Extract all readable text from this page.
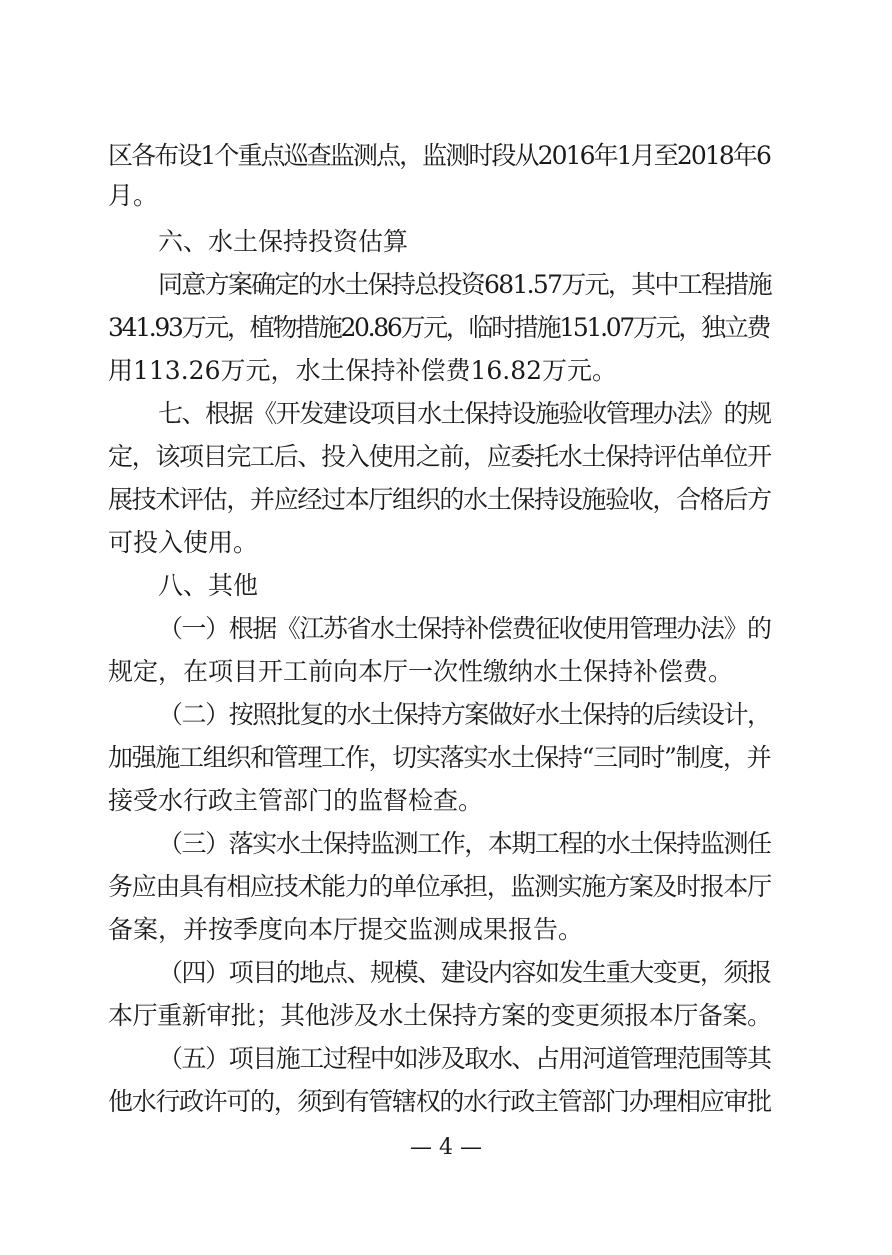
区各布设1个重点巡查监测点，监测时段从2016年1月至2018年6
月。
六、水土保持投资估算
同意方案确定的水土保持总投资681.57万元，其中工程措施
341.93万元，植物措施20.86万元，临时措施151.07万元，独立费
用113.26万元，水土保持补偿费16.82万元。
七、根据《开发建设项目水土保持设施验收管理办法》的规
定，该项目完工后、投入使用之前，应委托水土保持评估单位开
展技术评估，并应经过本厅组织的水土保持设施验收，合格后方
可投入使用。
八、其他
（一）根据《江苏省水土保持补偿费征收使用管理办法》的
规定，在项目开工前向本厅一次性缴纳水土保持补偿费。
（二）按照批复的水土保持方案做好水土保持的后续设计，
加强施工组织和管理工作，切实落实水土保持“三同时”制度，并
接受水行政主管部门的监督检查。
（三）落实水土保持监测工作，本期工程的水土保持监测任
务应由具有相应技术能力的单位承担，监测实施方案及时报本厅
备案，并按季度向本厅提交监测成果报告。
（四）项目的地点、规模、建设内容如发生重大变更，须报
本厅重新审批；其他涉及水土保持方案的变更须报本厅备案。
（五）项目施工过程中如涉及取水、占用河道管理范围等其
他水行政许可的，须到有管辖权的水行政主管部门办理相应审批
— 4 —
